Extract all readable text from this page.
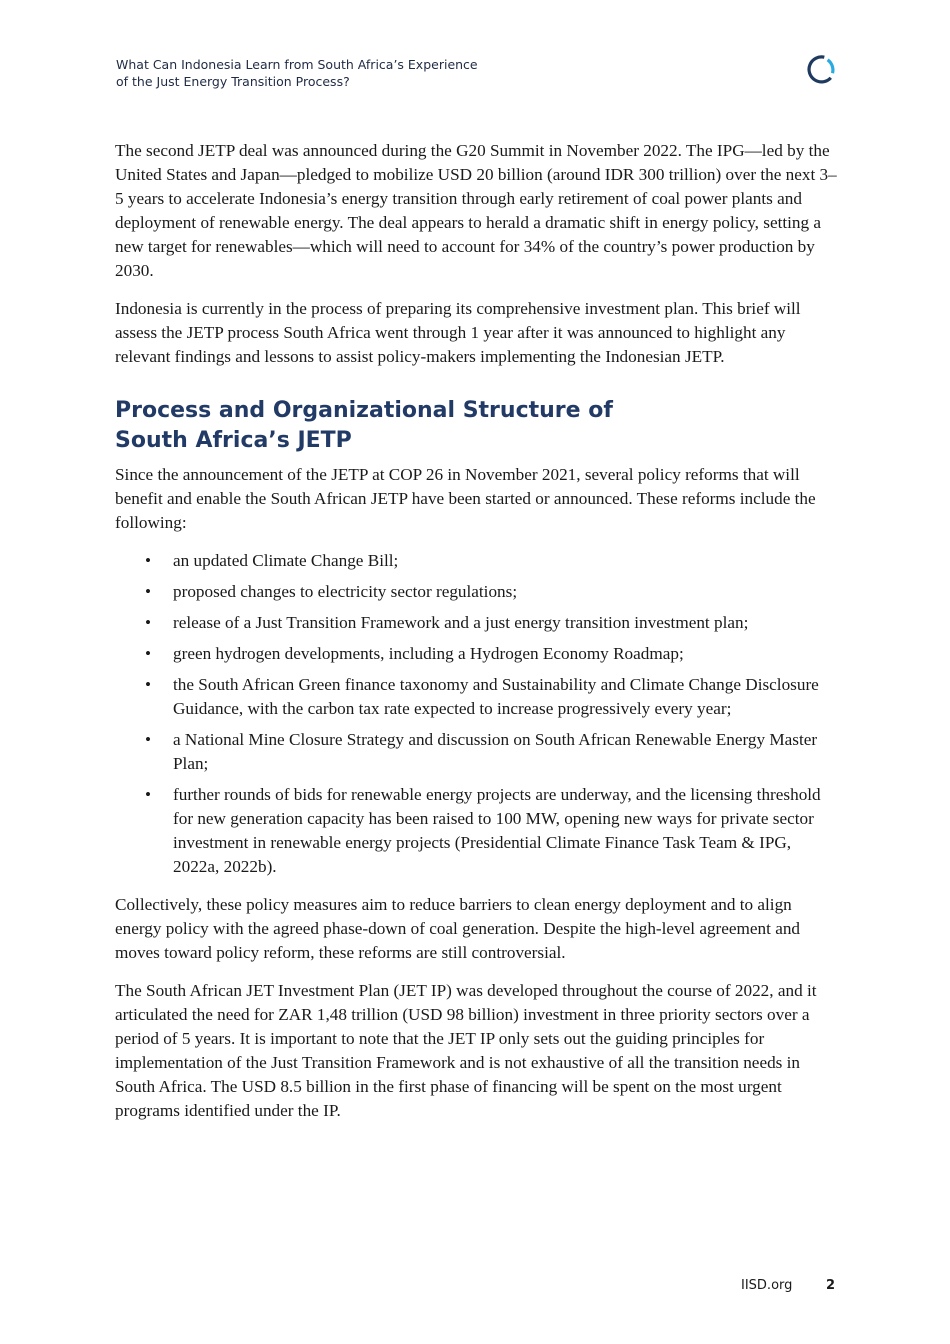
What Can Indonesia Learn from South Africa’s Experience
of the Just Energy Transition Process?

The second JETP deal was announced during the G20 Summit in November 2022. The IPG—led by the United States and Japan—pledged to mobilize USD 20 billion (around IDR 300 trillion) over the next 3–5 years to accelerate Indonesia’s energy transition through early retirement of coal power plants and deployment of renewable energy. The deal appears to herald a dramatic shift in energy policy, setting a new target for renewables—which will need to account for 34% of the country’s power production by 2030.

Indonesia is currently in the process of preparing its comprehensive investment plan. This brief will assess the JETP process South Africa went through 1 year after it was announced to highlight any relevant findings and lessons to assist policy-makers implementing the Indonesian JETP.

Process and Organizational Structure of
South Africa’s JETP

Since the announcement of the JETP at COP 26 in November 2021, several policy reforms that will benefit and enable the South African JETP have been started or announced. These reforms include the following:

• an updated Climate Change Bill;
• proposed changes to electricity sector regulations;
• release of a Just Transition Framework and a just energy transition investment plan;
• green hydrogen developments, including a Hydrogen Economy Roadmap;
• the South African Green finance taxonomy and Sustainability and Climate Change Disclosure Guidance, with the carbon tax rate expected to increase progressively every year;
• a National Mine Closure Strategy and discussion on South African Renewable Energy Master Plan;
• further rounds of bids for renewable energy projects are underway, and the licensing threshold for new generation capacity has been raised to 100 MW, opening new ways for private sector investment in renewable energy projects (Presidential Climate Finance Task Team & IPG, 2022a, 2022b).

Collectively, these policy measures aim to reduce barriers to clean energy deployment and to align energy policy with the agreed phase-down of coal generation. Despite the high-level agreement and moves toward policy reform, these reforms are still controversial.

The South African JET Investment Plan (JET IP) was developed throughout the course of 2022, and it articulated the need for ZAR 1,48 trillion (USD 98 billion) investment in three priority sectors over a period of 5 years. It is important to note that the JET IP only sets out the guiding principles for implementation of the Just Transition Framework and is not exhaustive of all the transition needs in South Africa. The USD 8.5 billion in the first phase of financing will be spent on the most urgent programs identified under the IP.

IISD.org	2
